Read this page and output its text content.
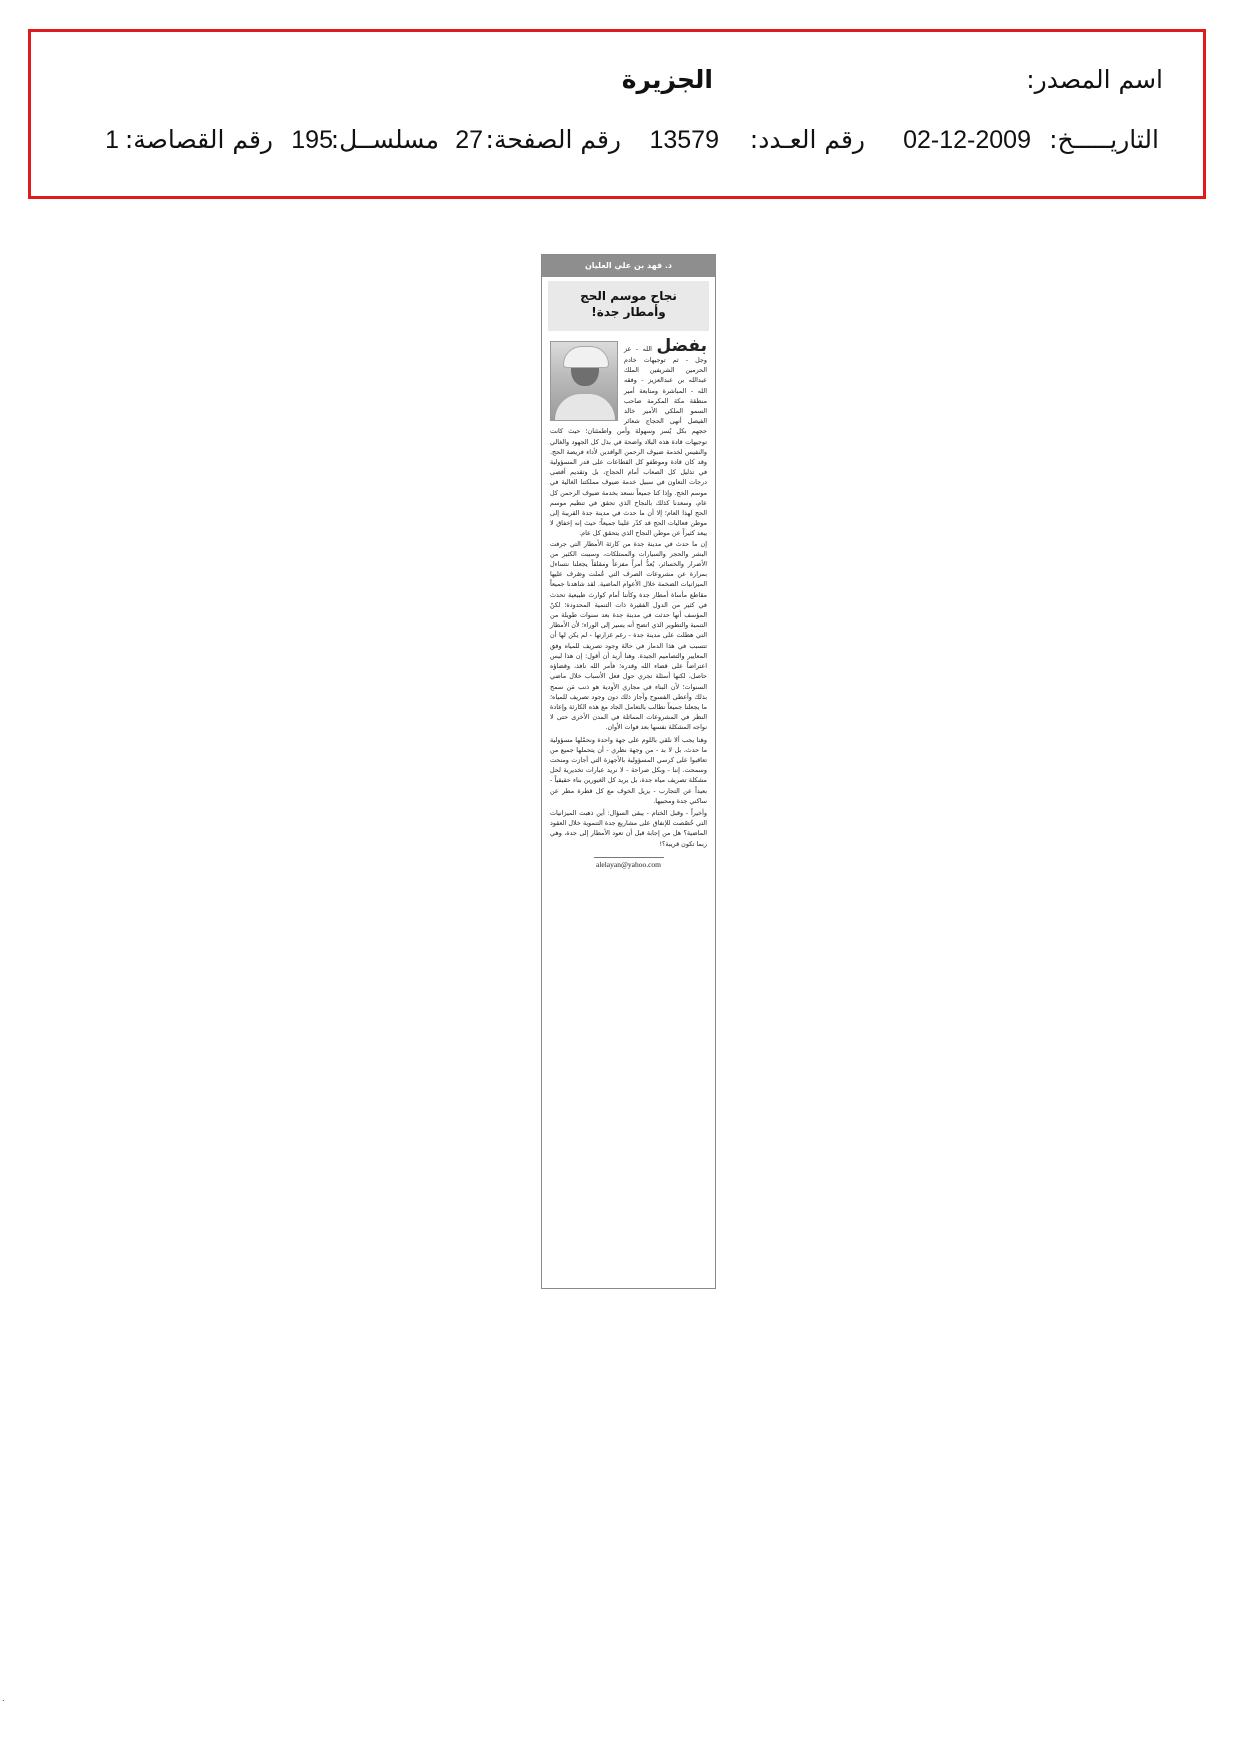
اسم المصدر:
الجزيرة
التاريـــــخ:
02-12-2009
رقم العـدد:
13579
رقم الصفحة:
27
مسلســل:
195
رقم القصاصة:
1
د. فهد بن علي العليان
نجاح موسم الحج
وأمطار جدة!
بفضل الله - عز وجل - ثم توجيهات خادم الحرمين الشريفين الملك عبدالله بن عبدالعزيز - وفقه الله - المباشرة ومتابعة أمير منطقة مكة المكرمة صاحب السمو الملكي الأمير خالد الفيصل أنهى الحجاج شعائر حجهم بكل يُسر وسهولة وأمن واطمئنان؛ حيث كانت توجيهات قادة هذه البلاد واضحة في بذل كل الجهود والغالي والنفيس لخدمة ضيوف الرحمن الوافدين لأداء فريضة الحج. وقد كان قادة وموظفو كل القطاعات على قدر المسؤولية في تذليل كل الصعاب أمام الحجاج، بل وتقديم أقصى درجات التعاون في سبيل خدمة ضيوف مملكتنا الغالية في موسم الحج. وإذا كنا جميعاً نسعد بخدمة ضيوف الرحمن كل عام، وسعدنا كذلك بالنجاح الذي تحقق في تنظيم موسم الحج لهذا العام؛ إلا أن ما حدث في مدينة جدة القريبة إلى موطن فعاليات الحج قد كدّر علينا جميعاً؛ حيث إنه إخفاق لا يبعد كثيراً عن موطن النجاح الذي يتحقق كل عام.

إن ما حدث في مدينة جدة من كارثة الأمطار التي جرفت البشر والحجر والسيارات والممتلكات، وسببت الكثير من الأضرار والخسائر، يُعدُّ أمراً مفزعاً ومقلقاً يجعلنا نتساءل بمرارة عن مشروعات الصرف التي عُملت وصُرف عليها الميزانيات الضخمة خلال الأعوام الماضية. لقد شاهدنا جميعاً مقاطع مأساة أمطار جدة وكأننا أمام كوارث طبيعية تحدث في كثير من الدول الفقيرة ذات التنمية المحدودة؛ لكنّ المؤسف أنها حدثت في مدينة جدة بعد سنوات طويلة من التنمية والتطوير الذي اتضح أنه يسير إلى الوراء؛ لأن الأمطار التي هطلت على مدينة جدة - رغم غزارتها - لم يكن لها أن تتسبب في هذا الدمار في حالة وجود تصريف للمياه وفق المعايير والتصاميم الجيدة. وهنا أريد أن أقول: إن هذا ليس اعتراضاً على قضاء الله وقدره؛ فأمر الله نافذ، وقضاؤه حاصل، لكنها أسئلة تجري حول فعل الأسباب خلال ماضي السنوات؛ لأن البناء في مجاري الأودية هو ذنب مَن سمح بذلك وأعطى الفسوح وأجاز ذلك دون وجود تصريف للمياه؛ ما يجعلنا جميعاً نطالب بالتعامل الجاد مع هذه الكارثة وإعادة النظر في المشروعات المماثلة في المدن الأخرى حتى لا نواجه المشكلة نفسها بعد فوات الأوان.

وهنا يجب ألا نلقي باللوم على جهة واحدة ونحمّلها مسؤولية ما حدث، بل لا بد - من وجهة نظري - أن يتحملها جميع من تعاقبوا على كرسي المسؤولية بالأجهزة التي أجازت ومنحت وسمحت. إننا - وبكل صراحة - لا نريد عبارات تخديرية لحل مشكلة تصريف مياه جدة، بل يريد كل الغيورين بناء حقيقياً - بعيداً عن التجارب - يزيل الخوف مع كل قطرة مطر عن ساكني جدة ومحبيها.

وأخيراً - وقبل الختام - يبقى السؤال: أين ذهبت الميزانيات التي خُصّصت للإنفاق على مشاريع جدة التنموية خلال العقود الماضية؟ هل من إجابة قبل أن تعود الأمطار إلى جدة، وهي ربما تكون قريبة؟!

alelayan@yahoo.com
.
